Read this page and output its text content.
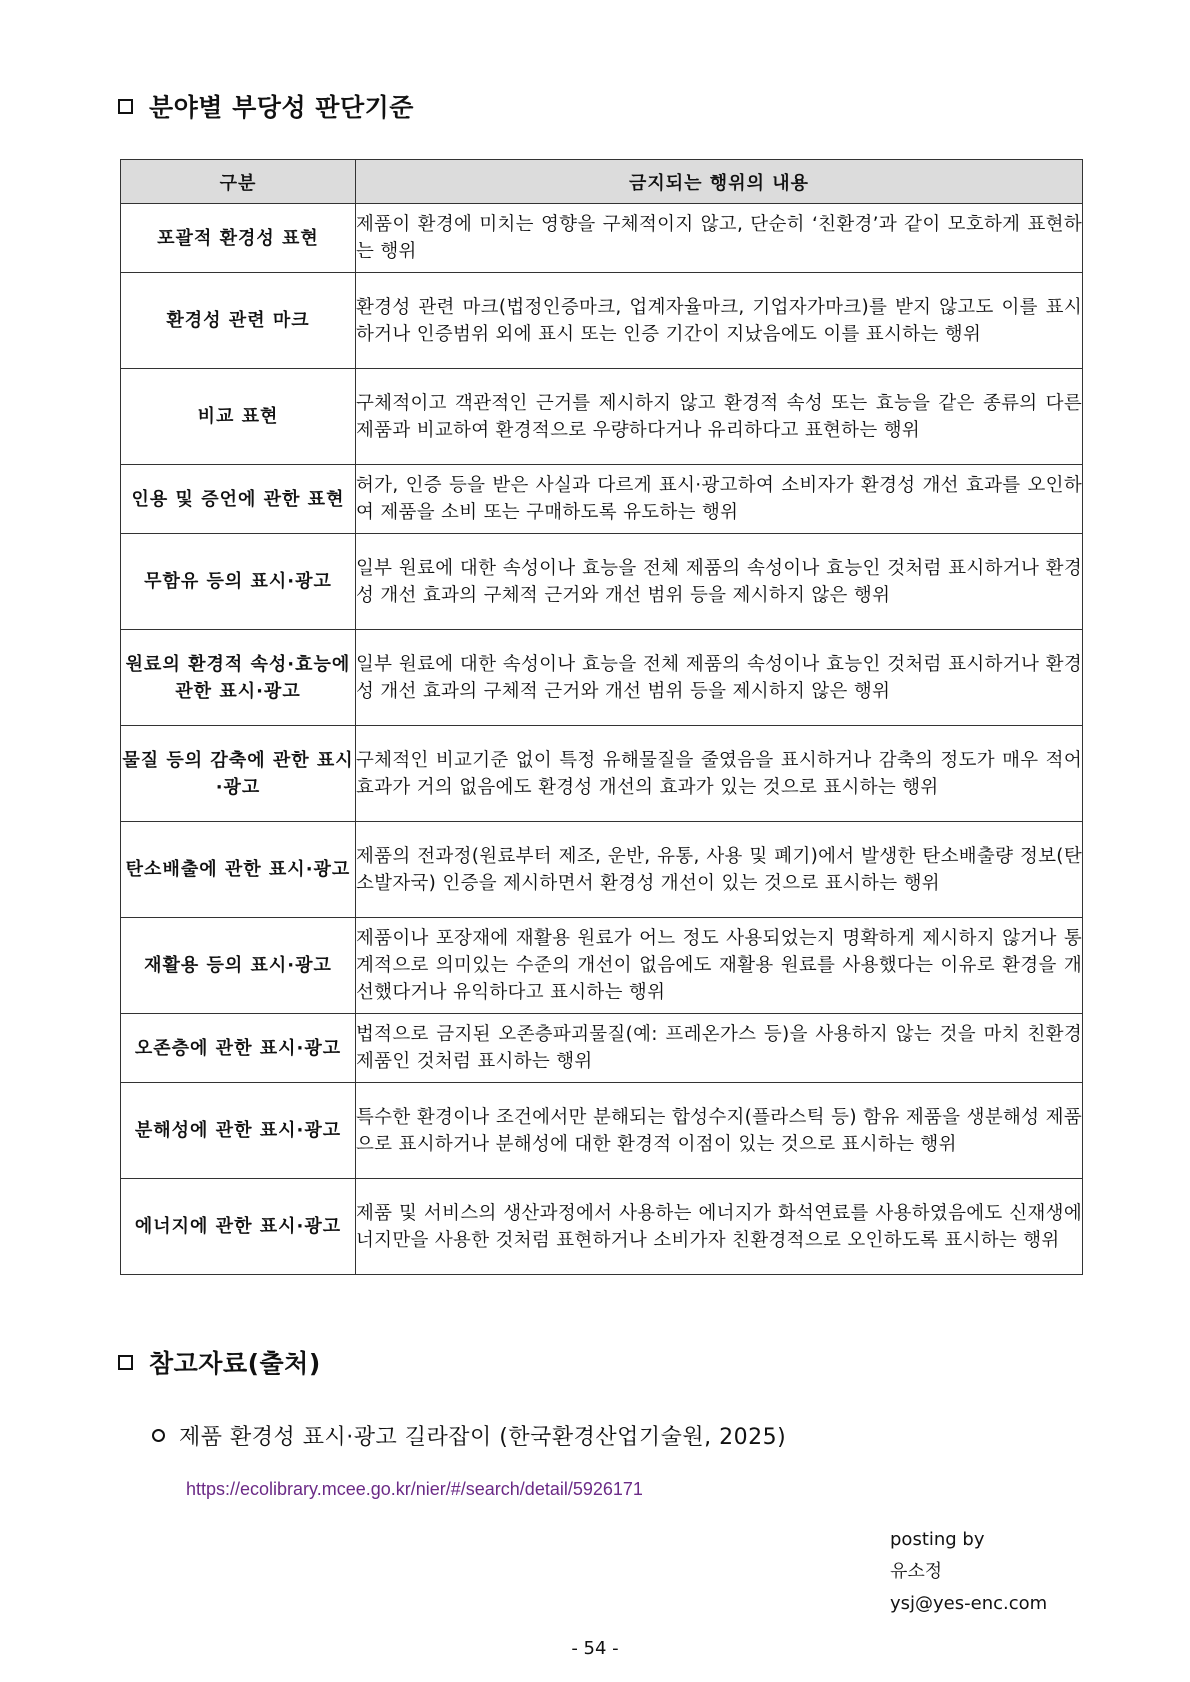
분야별 부당성 판단기준
구분	금지되는 행위의 내용
포괄적 환경성 표현	제품이 환경에 미치는 영향을 구체적이지 않고, 단순히 ‘친환경’과 같이 모호하게 표현하는 행위
환경성 관련 마크	환경성 관련 마크(법정인증마크, 업계자율마크, 기업자가마크)를 받지 않고도 이를 표시하거나 인증범위 외에 표시 또는 인증 기간이 지났음에도 이를 표시하는 행위
비교 표현	구체적이고 객관적인 근거를 제시하지 않고 환경적 속성 또는 효능을 같은 종류의 다른 제품과 비교하여 환경적으로 우량하다거나 유리하다고 표현하는 행위
인용 및 증언에 관한 표현	허가, 인증 등을 받은 사실과 다르게 표시·광고하여 소비자가 환경성 개선 효과를 오인하여 제품을 소비 또는 구매하도록 유도하는 행위
무함유 등의 표시·광고	일부 원료에 대한 속성이나 효능을 전체 제품의 속성이나 효능인 것처럼 표시하거나 환경성 개선 효과의 구체적 근거와 개선 범위 등을 제시하지 않은 행위
원료의 환경적 속성·효능에 관한 표시·광고	일부 원료에 대한 속성이나 효능을 전체 제품의 속성이나 효능인 것처럼 표시하거나 환경성 개선 효과의 구체적 근거와 개선 범위 등을 제시하지 않은 행위
물질 등의 감축에 관한 표시·광고	구체적인 비교기준 없이 특정 유해물질을 줄였음을 표시하거나 감축의 정도가 매우 적어 효과가 거의 없음에도 환경성 개선의 효과가 있는 것으로 표시하는 행위
탄소배출에 관한 표시·광고	제품의 전과정(원료부터 제조, 운반, 유통, 사용 및 폐기)에서 발생한 탄소배출량 정보(탄소발자국) 인증을 제시하면서 환경성 개선이 있는 것으로 표시하는 행위
재활용 등의 표시·광고	제품이나 포장재에 재활용 원료가 어느 정도 사용되었는지 명확하게 제시하지 않거나 통계적으로 의미있는 수준의 개선이 없음에도 재활용 원료를 사용했다는 이유로 환경을 개선했다거나 유익하다고 표시하는 행위
오존층에 관한 표시·광고	법적으로 금지된 오존층파괴물질(예: 프레온가스 등)을 사용하지 않는 것을 마치 친환경 제품인 것처럼 표시하는 행위
분해성에 관한 표시·광고	특수한 환경이나 조건에서만 분해되는 합성수지(플라스틱 등) 함유 제품을 생분해성 제품으로 표시하거나 분해성에 대한 환경적 이점이 있는 것으로 표시하는 행위
에너지에 관한 표시·광고	제품 및 서비스의 생산과정에서 사용하는 에너지가 화석연료를 사용하였음에도 신재생에너지만을 사용한 것처럼 표현하거나 소비가자 친환경적으로 오인하도록 표시하는 행위
참고자료(출처)
제품 환경성 표시·광고 길라잡이 (한국환경산업기술원, 2025)
https://ecolibrary.mcee.go.kr/nier/#/search/detail/5926171
posting by
유소정
ysj@yes-enc.com
- 54 -
